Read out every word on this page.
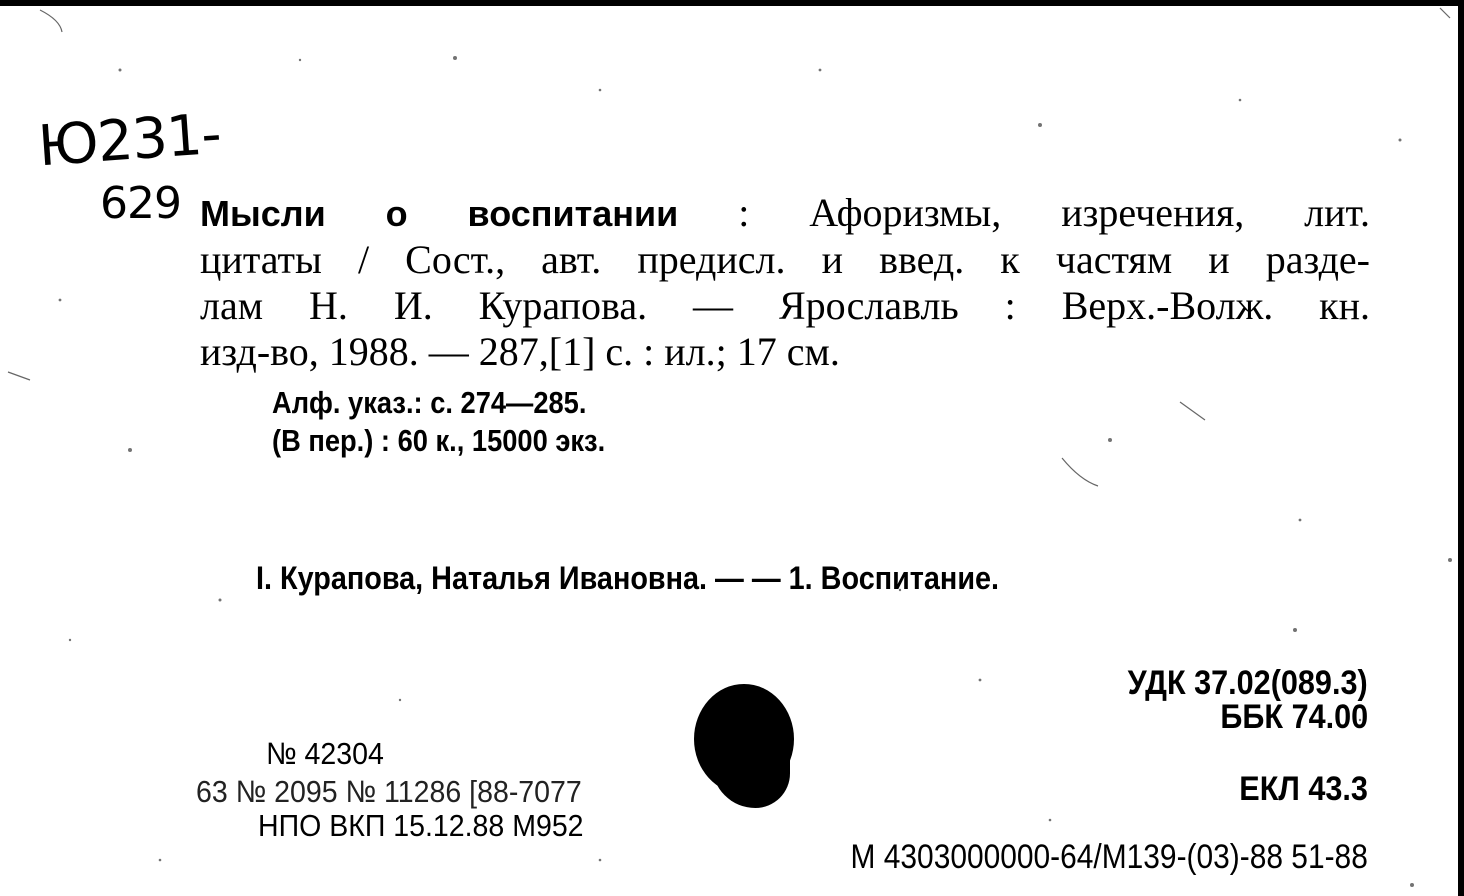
Ю231-
629 Мысли о воспитании : Афоризмы, изречения, лит.
цитаты / Сост., авт. предисл. и введ. к частям и разде-
лам Н. И. Курапова. — Ярославль : Верх.-Волж. кн.
изд-во, 1988. — 287,[1] с. : ил.; 17 см.
Алф. указ.: с. 274—285.
(В пер.) : 60 к., 15000 экз.
I. Курапова, Наталья Ивановна. — — 1. Воспитание.
УДК 37.02(089.3)
ББК 74.00
ЕКЛ 43.3
М 4303000000-64/М139-(03)-88 51-88
№ 42304
63 № 2095 № 11286 [88-7077
НПО ВКП 15.12.88 М952
